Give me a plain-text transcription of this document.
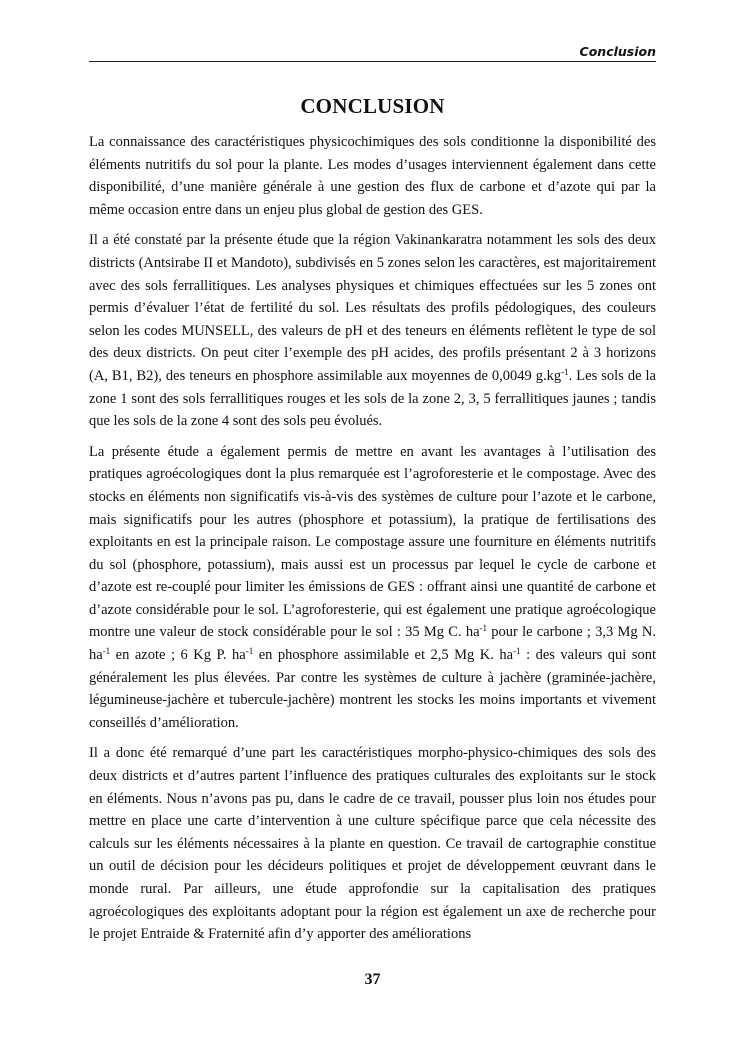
Conclusion
CONCLUSION

La connaissance des caractéristiques physicochimiques des sols conditionne la disponibilité des éléments nutritifs du sol pour la plante. Les modes d’usages interviennent également dans cette disponibilité, d’une manière générale à une gestion des flux de carbone et d’azote qui par la même occasion entre dans un enjeu plus global de gestion des GES.

Il a été constaté par la présente étude que la région Vakinankaratra notamment les sols des deux districts (Antsirabe II et Mandoto), subdivisés en 5 zones selon les caractères, est majoritairement avec des sols ferrallitiques. Les analyses physiques et chimiques effectuées sur les 5 zones ont permis d’évaluer l’état de fertilité du sol. Les résultats des profils pédologiques, des couleurs selon les codes MUNSELL, des valeurs de pH et des teneurs en éléments reflètent le type de sol des deux districts. On peut citer l’exemple des pH acides, des profils présentant 2 à 3 horizons (A, B1, B2), des teneurs en phosphore assimilable aux moyennes de 0,0049 $g.kg^{-1}$. Les sols de la zone 1 sont des sols ferrallitiques rouges et les sols de la zone 2, 3, 5 ferrallitiques jaunes ; tandis que les sols de la zone 4 sont des sols peu évolués.

La présente étude a également permis de mettre en avant les avantages à l’utilisation des pratiques agroécologiques dont la plus remarquée est l’agroforesterie et le compostage. Avec des stocks en éléments non significatifs vis-à-vis des systèmes de culture pour l’azote et le carbone, mais significatifs pour les autres (phosphore et potassium), la pratique de fertilisations des exploitants en est la principale raison. Le compostage assure une fourniture en éléments nutritifs du sol (phosphore, potassium), mais aussi est un processus par lequel le cycle de carbone et d’azote est re-couplé pour limiter les émissions de GES : offrant ainsi une quantité de carbone et d’azote considérable pour le sol. L’agroforesterie, qui est également une pratique agroécologique montre une valeur de stock considérable pour le sol : 35 Mg C. $ha^{-1}$ pour le carbone ; 3,3 Mg N. $ha^{-1}$ en azote ; 6 Kg P. $ha^{-1}$ en phosphore assimilable et 2,5 Mg K. $ha^{-1}$ : des valeurs qui sont généralement les plus élevées. Par contre les systèmes de culture à jachère (graminée-jachère, légumineuse-jachère et tubercule-jachère) montrent les stocks les moins importants et vivement conseillés d’amélioration.

Il a donc été remarqué d’une part les caractéristiques morpho-physico-chimiques des sols des deux districts et d’autres partent l’influence des pratiques culturales des exploitants sur le stock en éléments. Nous n’avons pas pu, dans le cadre de ce travail, pousser plus loin nos études pour mettre en place une carte d’intervention à une culture spécifique parce que cela nécessite des calculs sur les éléments nécessaires à la plante en question. Ce travail de cartographie constitue un outil de décision pour les décideurs politiques et projet de développement œuvrant dans le monde rural. Par ailleurs, une étude approfondie sur la capitalisation des pratiques agroécologiques des exploitants adoptant pour la région est également un axe de recherche pour le projet Entraide & Fraternité afin d’y apporter des améliorations

37
